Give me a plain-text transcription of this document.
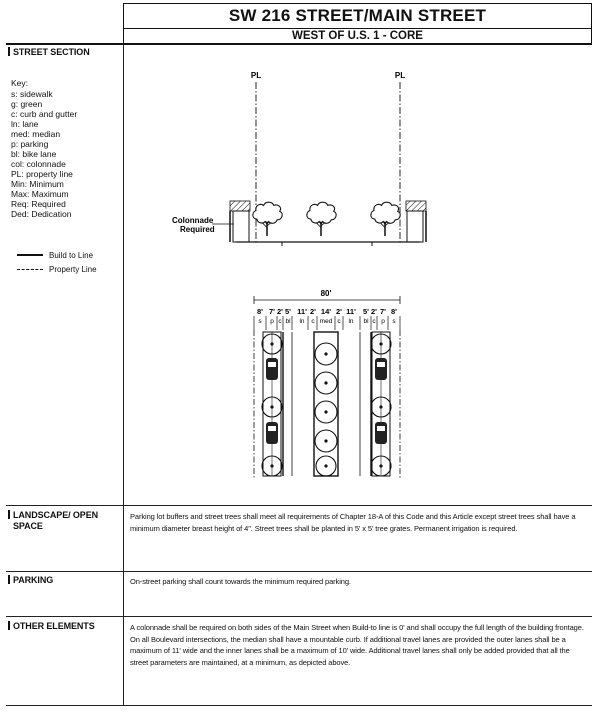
SW 216 STREET/MAIN STREET
WEST OF U.S. 1 - CORE
STREET SECTION
LANDSCAPE/ OPEN
SPACE
PARKING
OTHER ELEMENTS
Key:
s: sidewalk
g: green
c: curb and gutter
ln: lane
med: median
p: parking
bl: bike lane
col: colonnade
PL: property line
Min: Minimum
Max: Maximum
Req: Required
Ded: Dedication
Build to Line
Property Line
PL	PL
Colonnade
Required
80'
8' 7' 2' 5' 11' 2' 14' 2' 11' 5' 2' 7' 8'
s p c bl ln c med c ln bl c p s
Parking lot buffers and street trees shall meet all requirements of Chapter 18-A of this Code and this Article except street trees shall have a minimum diameter breast height of 4". Street trees shall be planted in 5' x 5' tree grates. Permanent irrigation is required.
On-street parking shall count towards the minimum required parking.
A colonnade shall be required on both sides of the Main Street when Build-to line is 0' and shall occupy the full length of the building frontage. On all Boulevard intersections, the median shall have a mountable curb. If additional travel lanes are provided the outer lanes shall be a maximum of 11' wide and the inner lanes shall be a maximum of 10' wide. Additional travel lanes shall only be added provided that all the street parameters are maintained, at a minimum, as depicted above.
